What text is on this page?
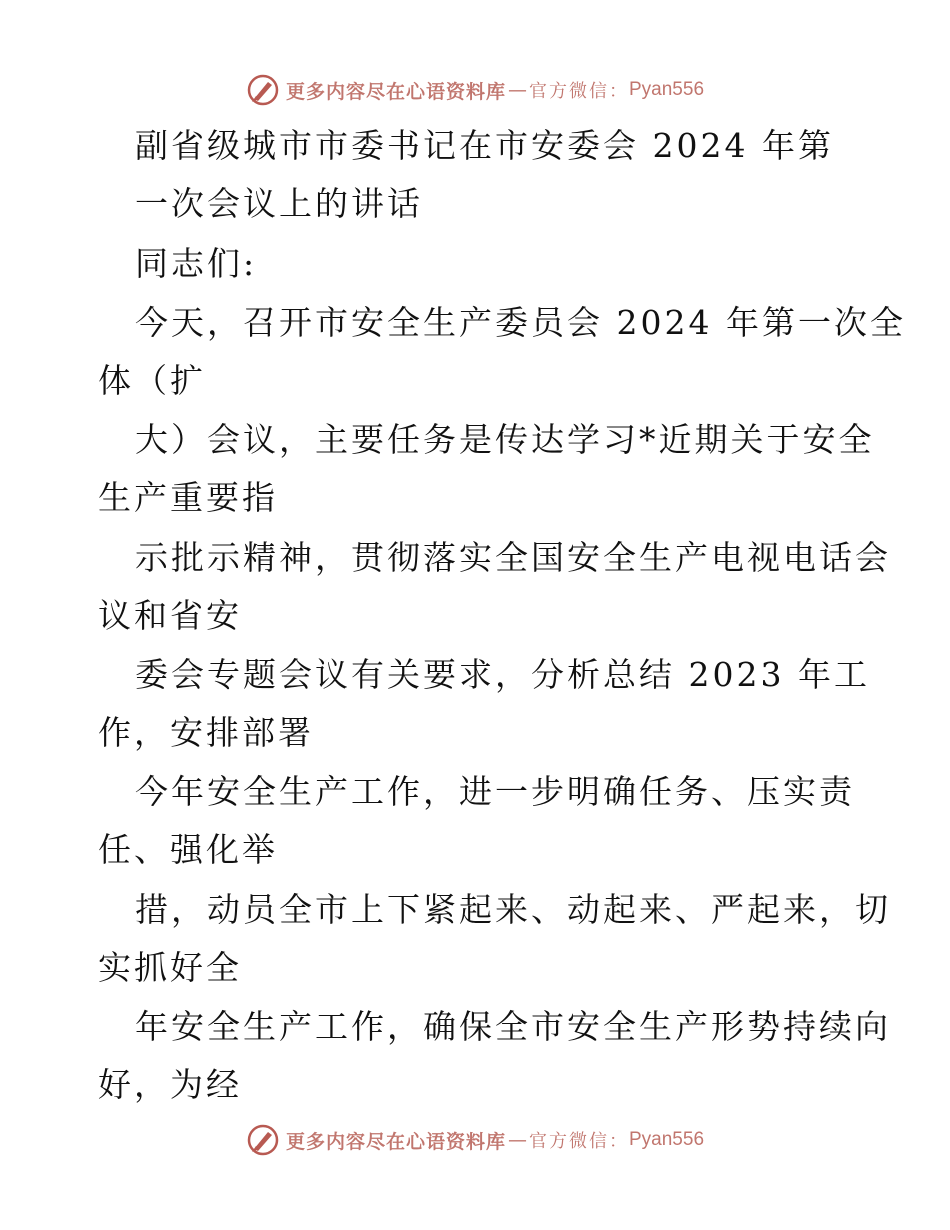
更多内容尽在心语资料库 — 官方微信： Pyan556
副省级城市市委书记在市安委会 2024 年第
一次会议上的讲话
同志们:
今天，召开市安全生产委员会 2024 年第一次全
体（扩
大）会议，主要任务是传达学习*近期关于安全
生产重要指
示批示精神，贯彻落实全国安全生产电视电话会
议和省安
委会专题会议有关要求，分析总结 2023 年工
作，安排部署
今年安全生产工作，进一步明确任务、压实责
任、强化举
措，动员全市上下紧起来、动起来、严起来，切
实抓好全
年安全生产工作，确保全市安全生产形势持续向
好，为经
更多内容尽在心语资料库 — 官方微信： Pyan556
